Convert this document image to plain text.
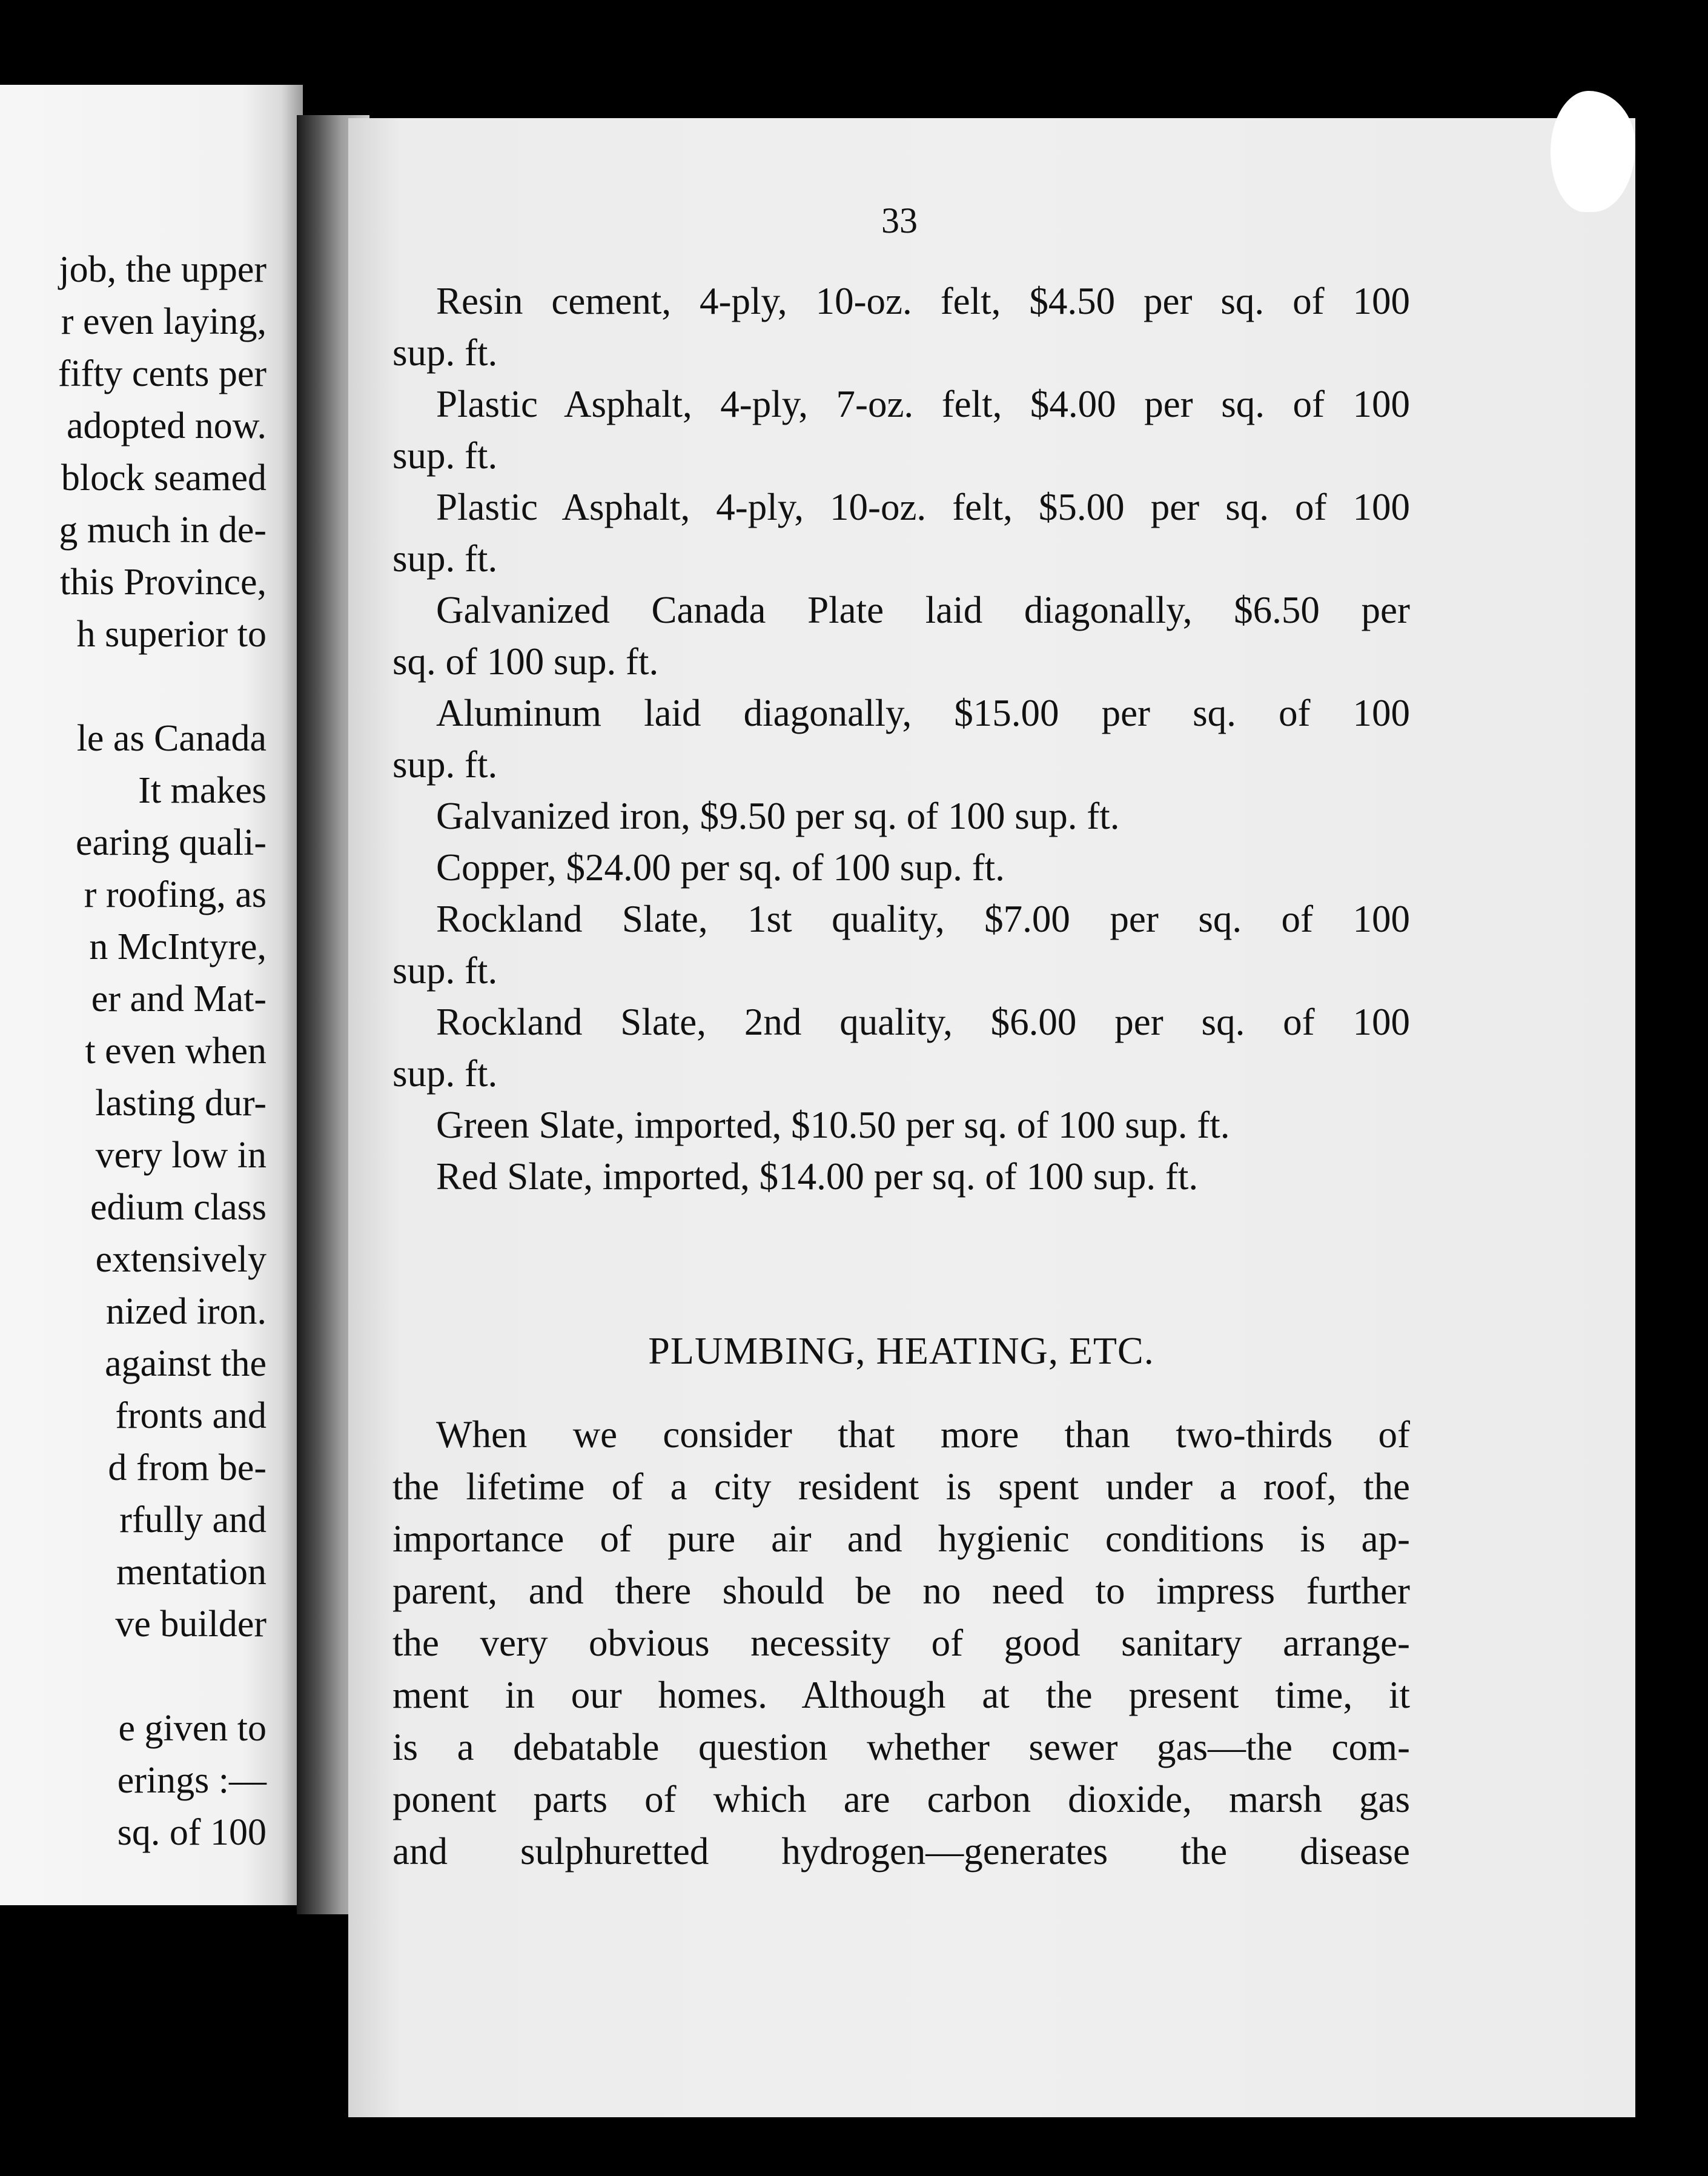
job, the upper
r even laying,
fifty cents per
adopted now.
block seamed
g much in de-
this Province,
h superior to
le as Canada
It makes
earing quali-
r roofing, as
n McIntyre,
er and Mat-
t even when
lasting dur-
very low in
edium class
extensively
nized iron.
against the
fronts and
d from be-
rfully and
mentation
ve builder
e given to
erings :—
sq. of 100
33
Resin cement, 4-ply, 10-oz. felt, $4.50 per sq. of 100
sup. ft.
Plastic Asphalt, 4-ply, 7-oz. felt, $4.00 per sq. of 100
sup. ft.
Plastic Asphalt, 4-ply, 10-oz. felt, $5.00 per sq. of 100
sup. ft.
Galvanized Canada Plate laid diagonally, $6.50 per
sq. of 100 sup. ft.
Aluminum laid diagonally, $15.00 per sq. of 100
sup. ft.
Galvanized iron, $9.50 per sq. of 100 sup. ft.
Copper, $24.00 per sq. of 100 sup. ft.
Rockland Slate, 1st quality, $7.00 per sq. of 100
sup. ft.
Rockland Slate, 2nd quality, $6.00 per sq. of 100
sup. ft.
Green Slate, imported, $10.50 per sq. of 100 sup. ft.
Red Slate, imported, $14.00 per sq. of 100 sup. ft.
PLUMBING, HEATING, ETC.
When we consider that more than two-thirds of
the lifetime of a city resident is spent under a roof, the
importance of pure air and hygienic conditions is ap-
parent, and there should be no need to impress further
the very obvious necessity of good sanitary arrange-
ment in our homes. Although at the present time, it
is a debatable question whether sewer gas—the com-
ponent parts of which are carbon dioxide, marsh gas
and sulphuretted hydrogen—generates the disease
